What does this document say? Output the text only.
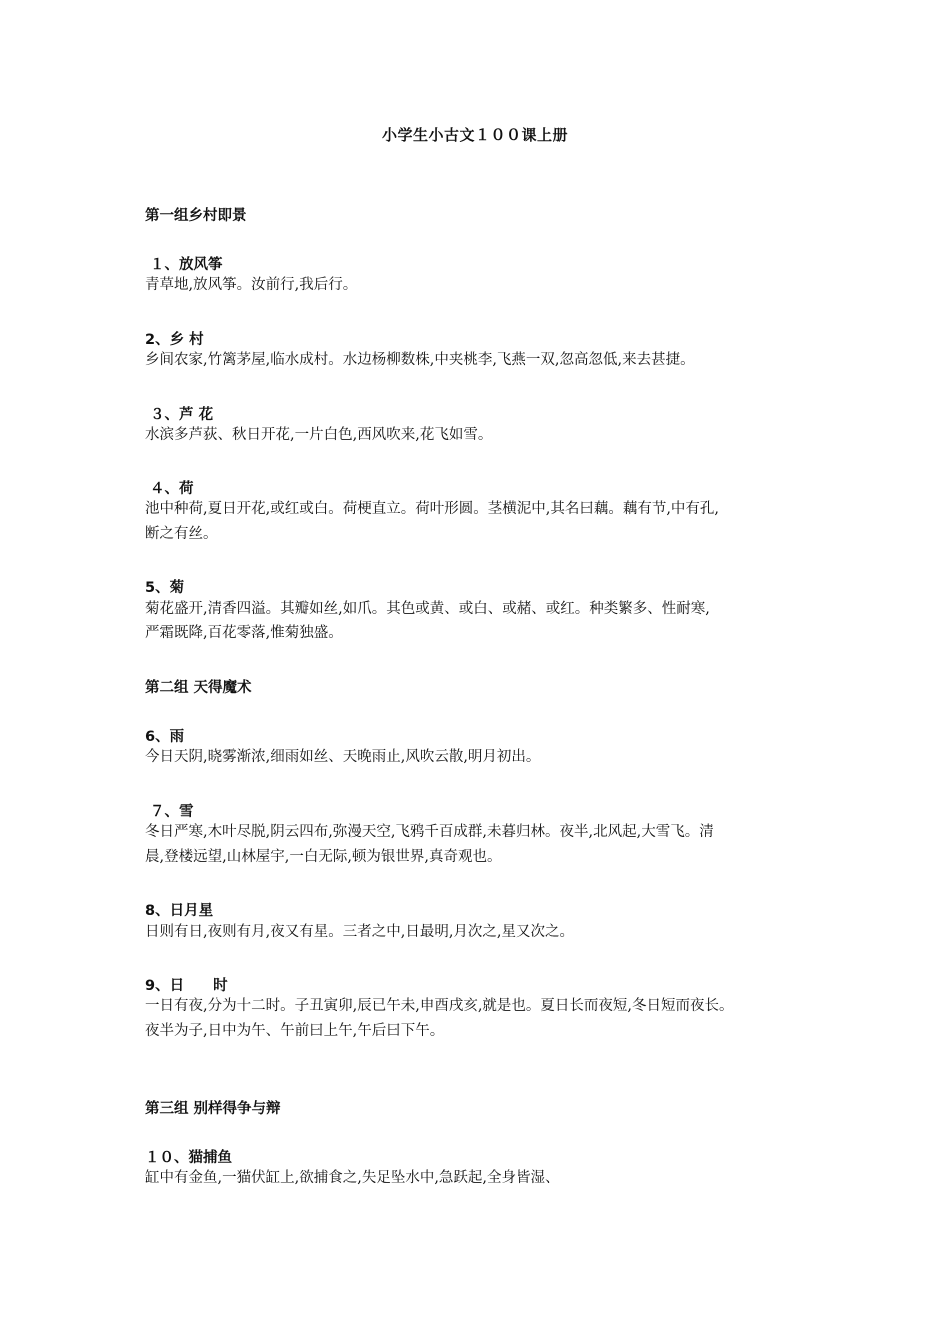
小学生小古文１００课上册
第一组乡村即景
１、放风筝
青草地,放风筝。汝前行,我后行。
2、乡 村
乡间农家,竹篱茅屋,临水成村。水边杨柳数株,中夹桃李,飞燕一双,忽高忽低,来去甚捷。
３、芦 花
水滨多芦荻、秋日开花,一片白色,西风吹来,花飞如雪。
４、荷
池中种荷,夏日开花,或红或白。荷梗直立。荷叶形圆。茎横泥中,其名曰藕。藕有节,中有孔,
断之有丝。
5、菊
菊花盛开,清香四溢。其瓣如丝,如爪。其色或黄、或白、或赭、或红。种类繁多、性耐寒,
严霜既降,百花零落,惟菊独盛。
第二组 天得魔术
6、雨
今日天阴,晓雾渐浓,细雨如丝、天晚雨止,风吹云散,明月初出。
７、雪
冬日严寒,木叶尽脱,阴云四布,弥漫天空,飞鸦千百成群,未暮归林。夜半,北风起,大雪飞。清
晨,登楼远望,山林屋宇,一白无际,顿为银世界,真奇观也。
8、日月星
日则有日,夜则有月,夜又有星。三者之中,日最明,月次之,星又次之。
9、日　　时
一日有夜,分为十二时。子丑寅卯,辰已午未,申酉戌亥,就是也。夏日长而夜短,冬日短而夜长。
夜半为子,日中为午、午前曰上午,午后曰下午。
第三组 别样得争与辩
１０、猫捕鱼
缸中有金鱼,一猫伏缸上,欲捕食之,失足坠水中,急跃起,全身皆湿、
